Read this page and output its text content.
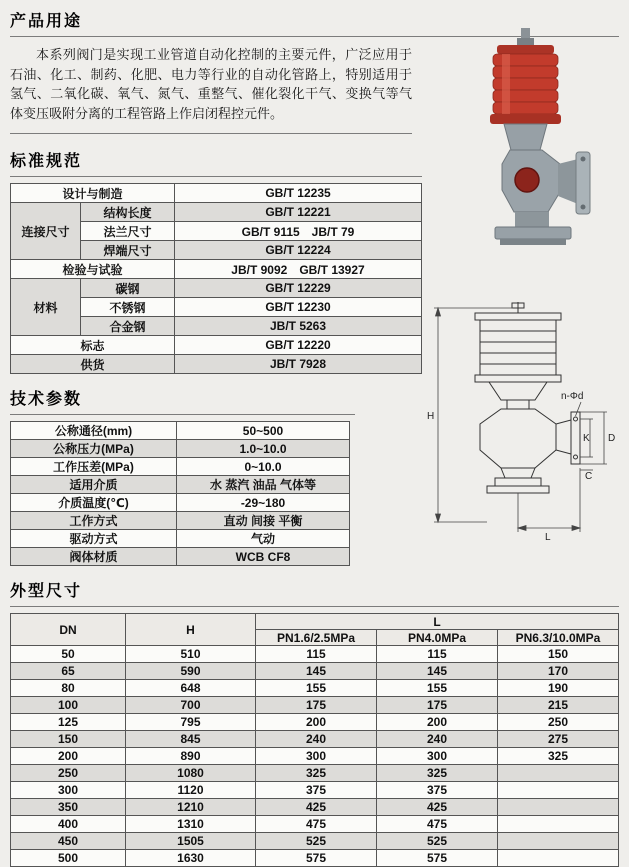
产品用途

本系列阀门是实现工业管道自动化控制的主要元件，广泛应用于石油、化工、制药、化肥、电力等行业的自动化管路上，特别适用于氢气、二氧化碳、氧气、氮气、重整气、催化裂化干气、变换气等气体变压吸附分离的工程管路上作启闭程控元件。

标准规范
设计与制造		GB/T 12235
连接尺寸	结构长度	GB/T 12221
	法兰尺寸	GB/T 9115　JB/T 79
	焊端尺寸	GB/T 12224
检验与试验		JB/T 9092　GB/T 13927
材料	碳钢	GB/T 12229
	不锈钢	GB/T 12230
	合金钢	JB/T 5263
标志		GB/T 12220
供货		JB/T 7928
技术参数
公称通径(mm)	50~500
公称压力(MPa)	1.0~10.0
工作压差(MPa)	0~10.0
适用介质	水 蒸汽 油品 气体等
介质温度(℃)	-29~180
工作方式	直动 间接 平衡
驱动方式	气动
阀体材质	WCB CF8
外型尺寸
DN	H	L		
		PN1.6/2.5MPa	PN4.0MPa	PN6.3/10.0MPa
50	510	115	115	150
65	590	145	145	170
80	648	155	155	190
100	700	175	175	215
125	795	200	200	250
150	845	240	240	275
200	890	300	300	325
250	1080	325	325	
300	1120	375	375	
350	1210	425	425	
400	1310	475	475	
450	1505	525	525	
500	1630	575	575	
H
n-Φd
K D
C
L
